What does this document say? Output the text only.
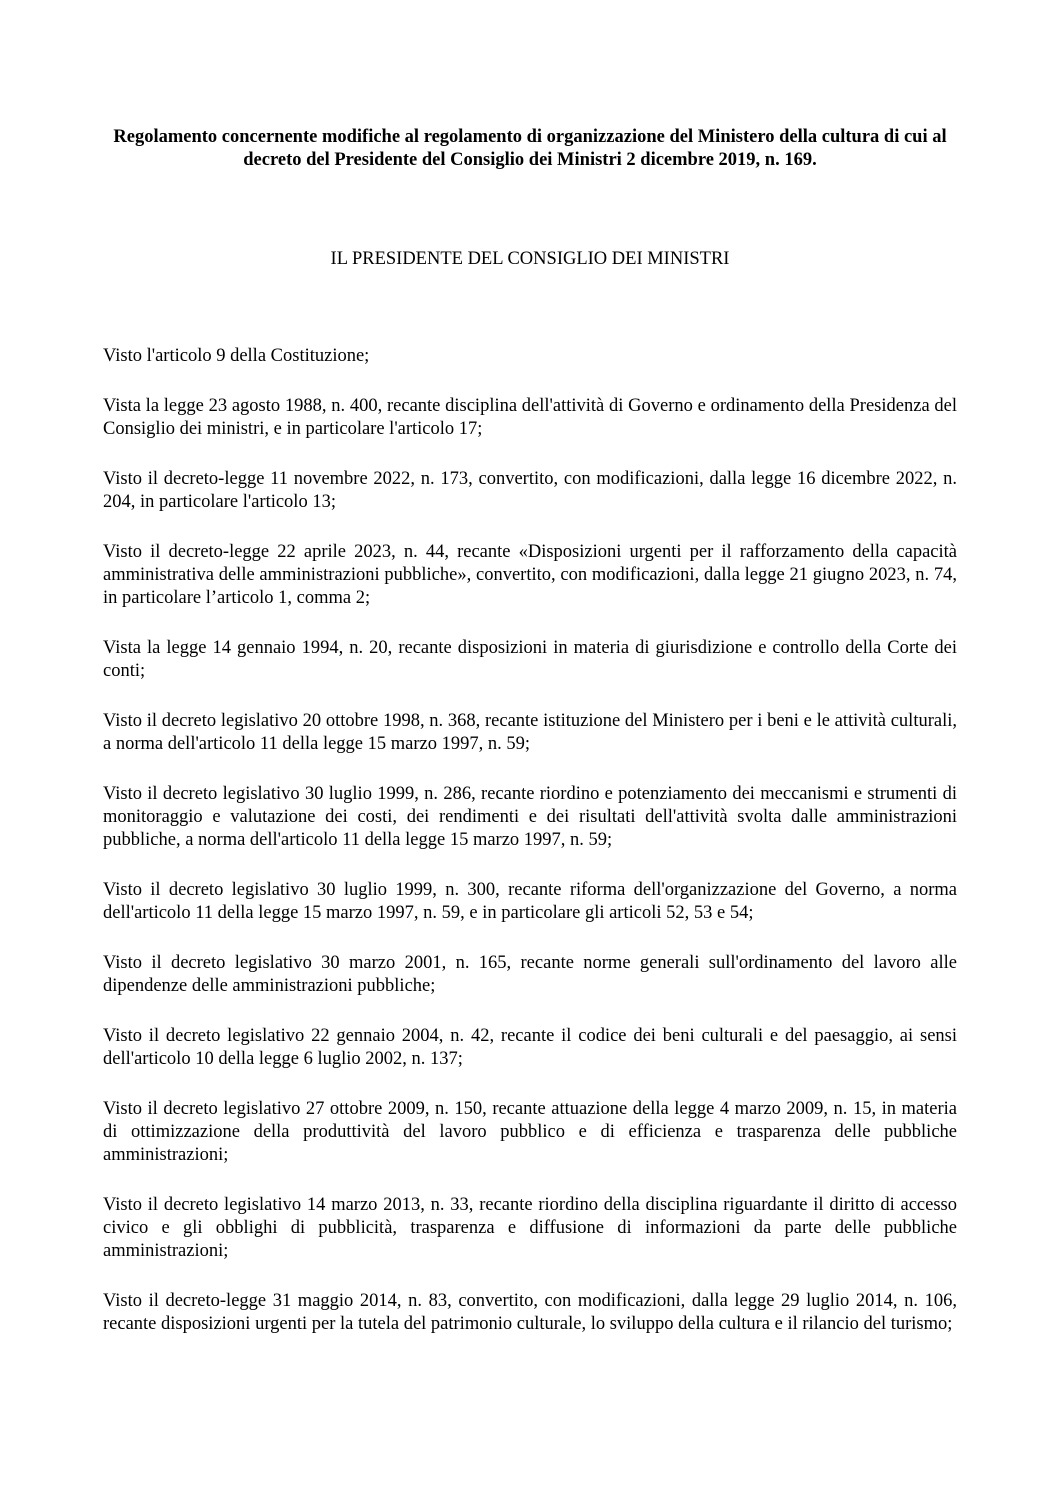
Regolamento concernente modifiche al regolamento di organizzazione del Ministero della cultura di cui al decreto del Presidente del Consiglio dei Ministri 2 dicembre 2019, n. 169.
IL PRESIDENTE DEL CONSIGLIO DEI MINISTRI

Visto l'articolo 9 della Costituzione;

Vista la legge 23 agosto 1988, n. 400, recante disciplina dell'attività di Governo e ordinamento della Presidenza del Consiglio dei ministri, e in particolare l'articolo 17;

Visto il decreto-legge 11 novembre 2022, n. 173, convertito, con modificazioni, dalla legge 16 dicembre 2022, n. 204, in particolare l'articolo 13;

Visto il decreto-legge 22 aprile 2023, n. 44, recante «Disposizioni urgenti per il rafforzamento della capacità amministrativa delle amministrazioni pubbliche», convertito, con modificazioni, dalla legge 21 giugno 2023, n. 74, in particolare l’articolo 1, comma 2;

Vista la legge 14 gennaio 1994, n. 20, recante disposizioni in materia di giurisdizione e controllo della Corte dei conti;

Visto il decreto legislativo 20 ottobre 1998, n. 368, recante istituzione del Ministero per i beni e le attività culturali, a norma dell'articolo 11 della legge 15 marzo 1997, n. 59;

Visto il decreto legislativo 30 luglio 1999, n. 286, recante riordino e potenziamento dei meccanismi e strumenti di monitoraggio e valutazione dei costi, dei rendimenti e dei risultati dell'attività svolta dalle amministrazioni pubbliche, a norma dell'articolo 11 della legge 15 marzo 1997, n. 59;

Visto il decreto legislativo 30 luglio 1999, n. 300, recante riforma dell'organizzazione del Governo, a norma dell'articolo 11 della legge 15 marzo 1997, n. 59, e in particolare gli articoli 52, 53 e 54;

Visto il decreto legislativo 30 marzo 2001, n. 165, recante norme generali sull'ordinamento del lavoro alle dipendenze delle amministrazioni pubbliche;

Visto il decreto legislativo 22 gennaio 2004, n. 42, recante il codice dei beni culturali e del paesaggio, ai sensi dell'articolo 10 della legge 6 luglio 2002, n. 137;

Visto il decreto legislativo 27 ottobre 2009, n. 150, recante attuazione della legge 4 marzo 2009, n. 15, in materia di ottimizzazione della produttività del lavoro pubblico e di efficienza e trasparenza delle pubbliche amministrazioni;

Visto il decreto legislativo 14 marzo 2013, n. 33, recante riordino della disciplina riguardante il diritto di accesso civico e gli obblighi di pubblicità, trasparenza e diffusione di informazioni da parte delle pubbliche amministrazioni;

Visto il decreto-legge 31 maggio 2014, n. 83, convertito, con modificazioni, dalla legge 29 luglio 2014, n. 106, recante disposizioni urgenti per la tutela del patrimonio culturale, lo sviluppo della cultura e il rilancio del turismo;
